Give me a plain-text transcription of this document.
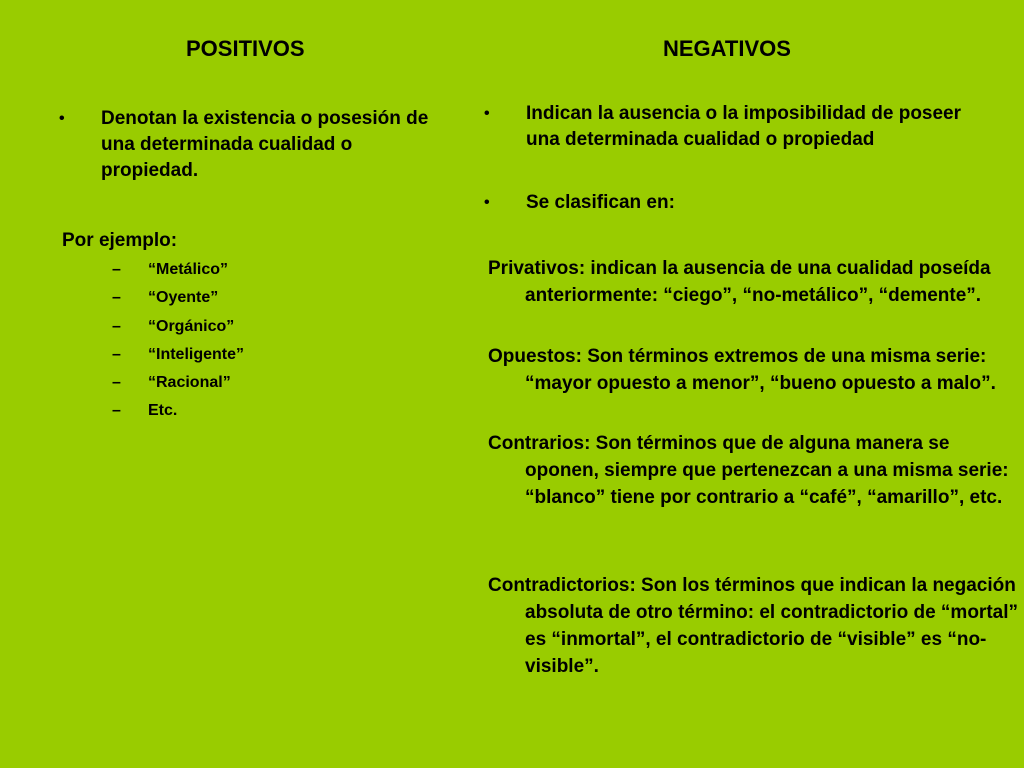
POSITIVOS
• Denotan la existencia o posesión de una determinada cualidad o propiedad.
Por ejemplo:
– “Metálico”
– “Oyente”
– “Orgánico”
– “Inteligente”
– “Racional”
– Etc.
NEGATIVOS
• Indican la ausencia o la imposibilidad de poseer una determinada cualidad o propiedad
• Se clasifican en:
Privativos: indican la ausencia de una cualidad poseída anteriormente: “ciego”, “no-metálico”, “demente”.
Opuestos: Son términos extremos de una misma serie: “mayor opuesto a menor”, “bueno opuesto a malo”.
Contrarios: Son términos que de alguna manera se oponen, siempre que pertenezcan a una misma serie: “blanco” tiene por contrario a “café”, “amarillo”, etc.
Contradictorios: Son los términos que indican la negación absoluta de otro término: el contradictorio de “mortal” es “inmortal”, el contradictorio de “visible” es “no-visible”.
